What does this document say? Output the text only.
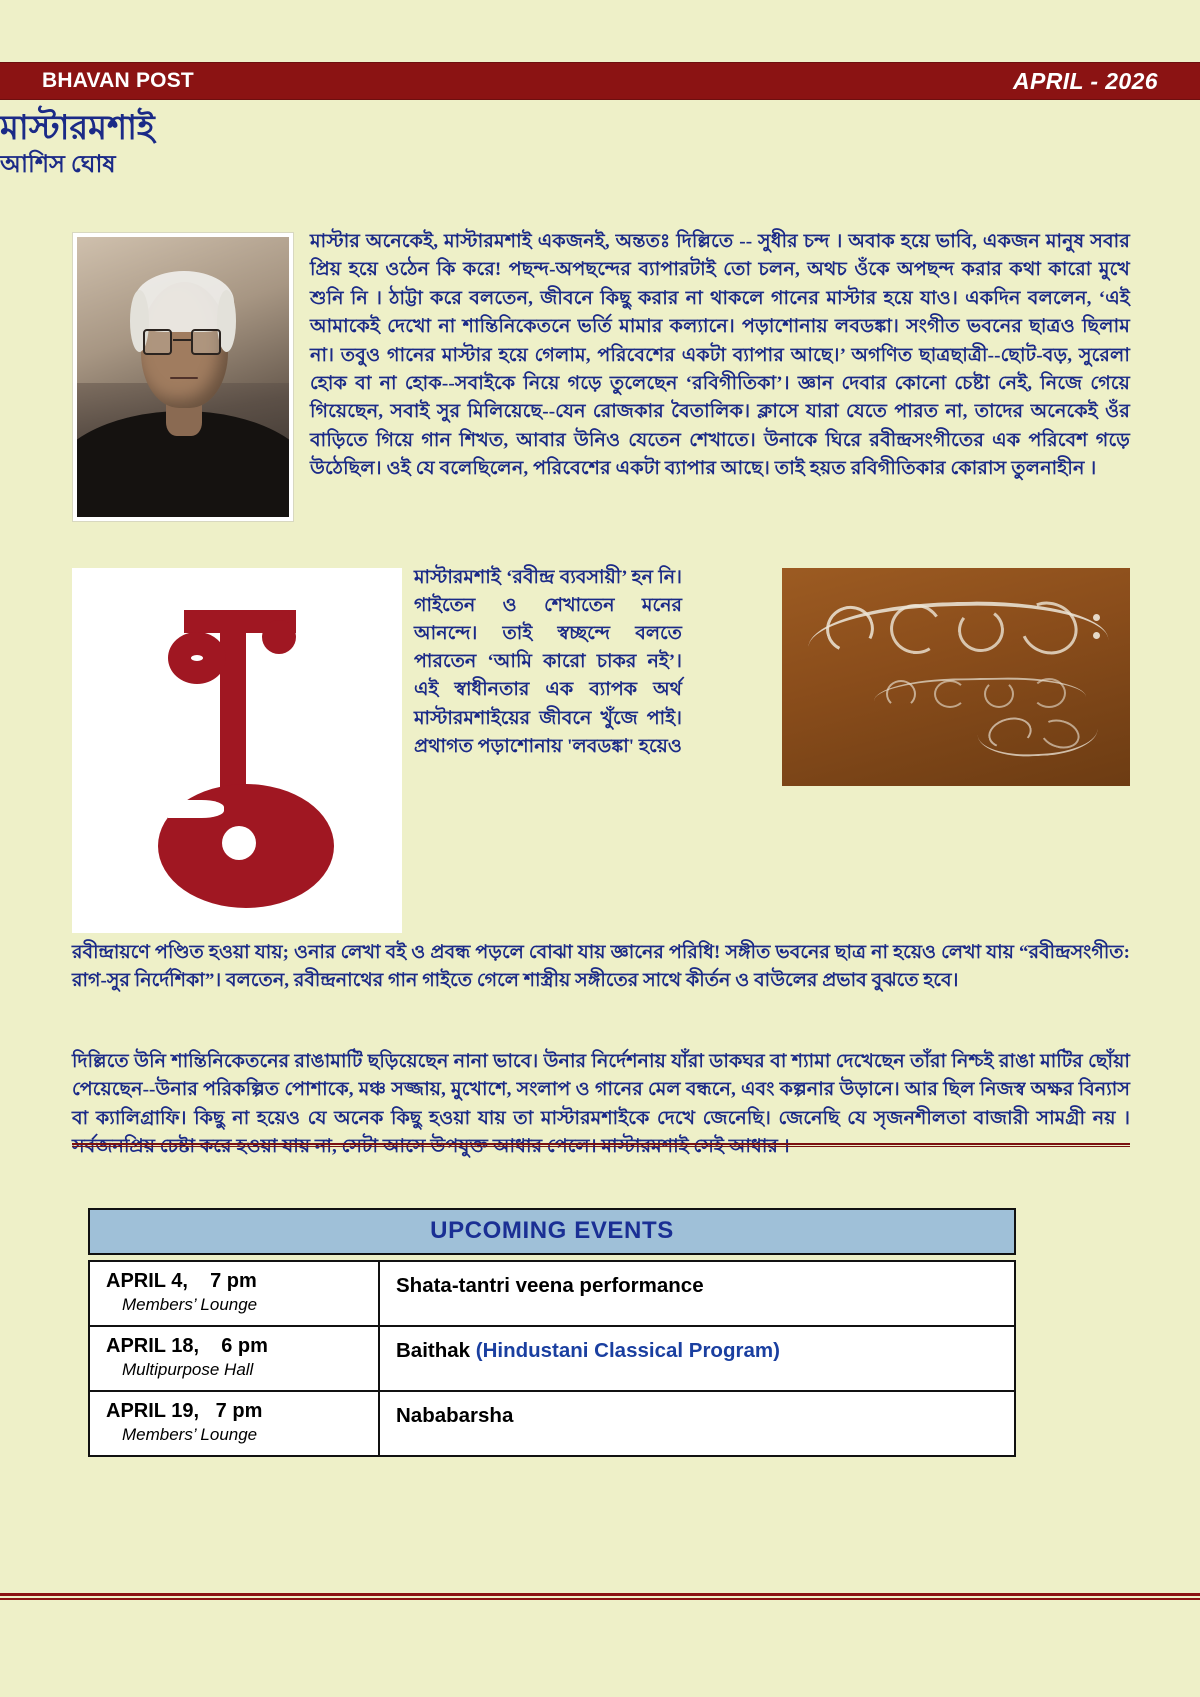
BHAVAN POST	APRIL - 2026
মাস্টারমশাই
আশিস ঘোষ
মাস্টার অনেকেই, মাস্টারমশাই একজনই, অন্ততঃ দিল্লিতে -- সুধীর চন্দ । অবাক হয়ে ভাবি, একজন মানুষ সবার প্রিয় হয়ে ওঠেন কি করে! পছন্দ-অপছন্দের ব্যাপারটাই তো চলন, অথচ ওঁকে অপছন্দ করার কথা কারো মুখে শুনি নি । ঠাট্টা করে বলতেন, জীবনে কিছু করার না থাকলে গানের মাস্টার হয়ে যাও। একদিন বললেন, ‘এই আমাকেই দেখো না শান্তিনিকেতনে ভর্তি মামার কল্যানে। পড়াশোনায় লবডঙ্কা। সংগীত ভবনের ছাত্রও ছিলাম না। তবুও গানের মাস্টার হয়ে গেলাম, পরিবেশের একটা ব্যাপার আছে।’ অগণিত ছাত্রছাত্রী--ছোট-বড়, সুরেলা হোক বা না হোক--সবাইকে নিয়ে গড়ে তুলেছেন ‘রবিগীতিকা’। জ্ঞান দেবার কোনো চেষ্টা নেই, নিজে গেয়ে গিয়েছেন, সবাই সুর মিলিয়েছে--যেন রোজকার বৈতালিক। ক্লাসে যারা যেতে পারত না, তাদের অনেকেই ওঁর বাড়িতে গিয়ে গান শিখত, আবার উনিও যেতেন শেখাতে। উনাকে ঘিরে রবীন্দ্রসংগীতের এক পরিবেশ গড়ে উঠেছিল। ওই যে বলেছিলেন, পরিবেশের একটা ব্যাপার আছে। তাই হয়ত রবিগীতিকার কোরাস তুলনাহীন ।
মাস্টারমশাই ‘রবীন্দ্র ব্যবসায়ী’ হন নি। গাইতেন ও শেখাতেন মনের আনন্দে। তাই স্বচ্ছন্দে বলতে পারতেন ‘আমি কারো চাকর নই’। এই স্বাধীনতার এক ব্যাপক অর্থ মাস্টারমশাইয়ের জীবনে খুঁজে পাই। প্রথাগত পড়াশোনায় 'লবডঙ্কা' হয়েও
রবীন্দ্রায়ণে পণ্ডিত হওয়া যায়; ওনার লেখা বই ও প্রবন্ধ পড়লে বোঝা যায় জ্ঞানের পরিধি! সঙ্গীত ভবনের ছাত্র না হয়েও লেখা যায় “রবীন্দ্রসংগীত: রাগ-সুর নির্দেশিকা”। বলতেন, রবীন্দ্রনাথের গান গাইতে গেলে শাস্ত্রীয় সঙ্গীতের সাথে কীর্তন ও বাউলের প্রভাব বুঝতে হবে।
দিল্লিতে উনি শান্তিনিকেতনের রাঙামাটি ছড়িয়েছেন নানা ভাবে। উনার নির্দেশনায় যাঁরা ডাকঘর বা শ্যামা দেখেছেন তাঁরা নিশ্চই রাঙা মাটির ছোঁয়া পেয়েছেন--উনার পরিকল্পিত পোশাকে, মঞ্চ সজ্জায়, মুখোশে, সংলাপ ও গানের মেল বন্ধনে, এবং কল্পনার উড়ানে। আর ছিল নিজস্ব অক্ষর বিন্যাস বা ক্যালিগ্রাফি। কিছু না হয়েও যে অনেক কিছু হওয়া যায় তা মাস্টারমশাইকে দেখে জেনেছি। জেনেছি যে সৃজনশীলতা বাজারী সামগ্রী নয় । সর্বজনপ্রিয় চেষ্টা করে হওয়া যায় না, সেটা আসে উপযুক্ত আধার পেলে। মাস্টারমশাই সেই আধার ।
UPCOMING EVENTS
APRIL 4,    7 pm
Members’ Lounge	Shata-tantri veena performance

APRIL 18,    6 pm
Multipurpose Hall	Baithak (Hindustani Classical Program)

APRIL 19,   7 pm
Members’ Lounge	Nababarsha
